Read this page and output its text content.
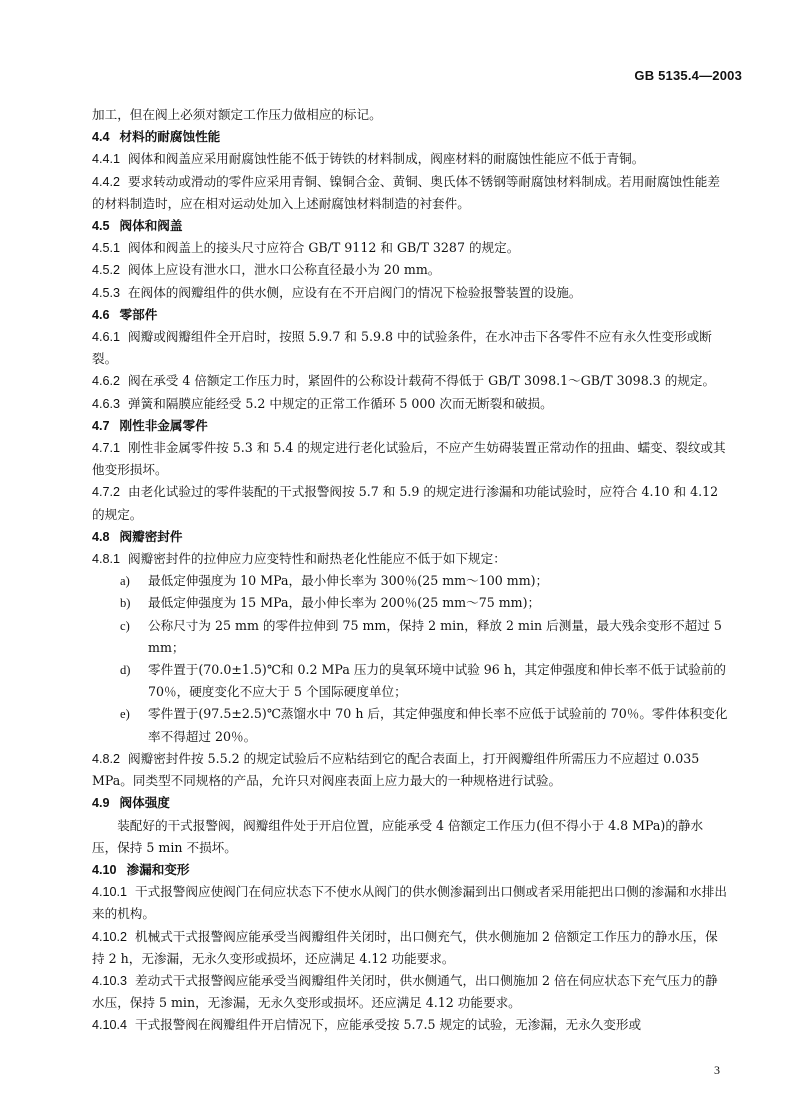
GB 5135.4—2003

加工，但在阀上必须对额定工作压力做相应的标记。

4.4 材料的耐腐蚀性能

4.4.1 阀体和阀盖应采用耐腐蚀性能不低于铸铁的材料制成，阀座材料的耐腐蚀性能应不低于青铜。

4.4.2 要求转动或滑动的零件应采用青铜、镍铜合金、黄铜、奥氏体不锈钢等耐腐蚀材料制成。若用耐腐蚀性能差的材料制造时，应在相对运动处加入上述耐腐蚀材料制造的衬套件。

4.5 阀体和阀盖

4.5.1 阀体和阀盖上的接头尺寸应符合 GB/T 9112 和 GB/T 3287 的规定。

4.5.2 阀体上应设有泄水口，泄水口公称直径最小为 20 mm。

4.5.3 在阀体的阀瓣组件的供水侧，应设有在不开启阀门的情况下检验报警装置的设施。

4.6 零部件

4.6.1 阀瓣或阀瓣组件全开启时，按照 5.9.7 和 5.9.8 中的试验条件，在水冲击下各零件不应有永久性变形或断裂。

4.6.2 阀在承受 4 倍额定工作压力时，紧固件的公称设计载荷不得低于 GB/T 3098.1～GB/T 3098.3 的规定。

4.6.3 弹簧和隔膜应能经受 5.2 中规定的正常工作循环 5 000 次而无断裂和破损。

4.7 刚性非金属零件

4.7.1 刚性非金属零件按 5.3 和 5.4 的规定进行老化试验后，不应产生妨碍装置正常动作的扭曲、蠕变、裂纹或其他变形损坏。

4.7.2 由老化试验过的零件装配的干式报警阀按 5.7 和 5.9 的规定进行渗漏和功能试验时，应符合 4.10 和 4.12 的规定。

4.8 阀瓣密封件

4.8.1 阀瓣密封件的拉伸应力应变特性和耐热老化性能应不低于如下规定：

a) 最低定伸强度为 10 MPa，最小伸长率为 300％(25 mm～100 mm)；
b) 最低定伸强度为 15 MPa，最小伸长率为 200％(25 mm～75 mm)；
c) 公称尺寸为 25 mm 的零件拉伸到 75 mm，保持 2 min，释放 2 min 后测量，最大残余变形不超过 5 mm；
d) 零件置于(70.0±1.5)℃和 0.2 MPa 压力的臭氧环境中试验 96 h，其定伸强度和伸长率不低于试验前的 70％，硬度变化不应大于 5 个国际硬度单位；
e) 零件置于(97.5±2.5)℃蒸馏水中 70 h 后，其定伸强度和伸长率不应低于试验前的 70％。零件体积变化率不得超过 20％。

4.8.2 阀瓣密封件按 5.5.2 的规定试验后不应粘结到它的配合表面上，打开阀瓣组件所需压力不应超过 0.035 MPa。同类型不同规格的产品，允许只对阀座表面上应力最大的一种规格进行试验。

4.9 阀体强度

装配好的干式报警阀，阀瓣组件处于开启位置，应能承受 4 倍额定工作压力(但不得小于 4.8 MPa)的静水压，保持 5 min 不损坏。

4.10 渗漏和变形

4.10.1 干式报警阀应使阀门在伺应状态下不使水从阀门的供水侧渗漏到出口侧或者采用能把出口侧的渗漏和水排出来的机构。

4.10.2 机械式干式报警阀应能承受当阀瓣组件关闭时，出口侧充气，供水侧施加 2 倍额定工作压力的静水压，保持 2 h，无渗漏，无永久变形或损坏，还应满足 4.12 功能要求。

4.10.3 差动式干式报警阀应能承受当阀瓣组件关闭时，供水侧通气，出口侧施加 2 倍在伺应状态下充气压力的静水压，保持 5 min，无渗漏，无永久变形或损坏。还应满足 4.12 功能要求。

4.10.4 干式报警阀在阀瓣组件开启情况下，应能承受按 5.7.5 规定的试验，无渗漏，无永久变形或

3
